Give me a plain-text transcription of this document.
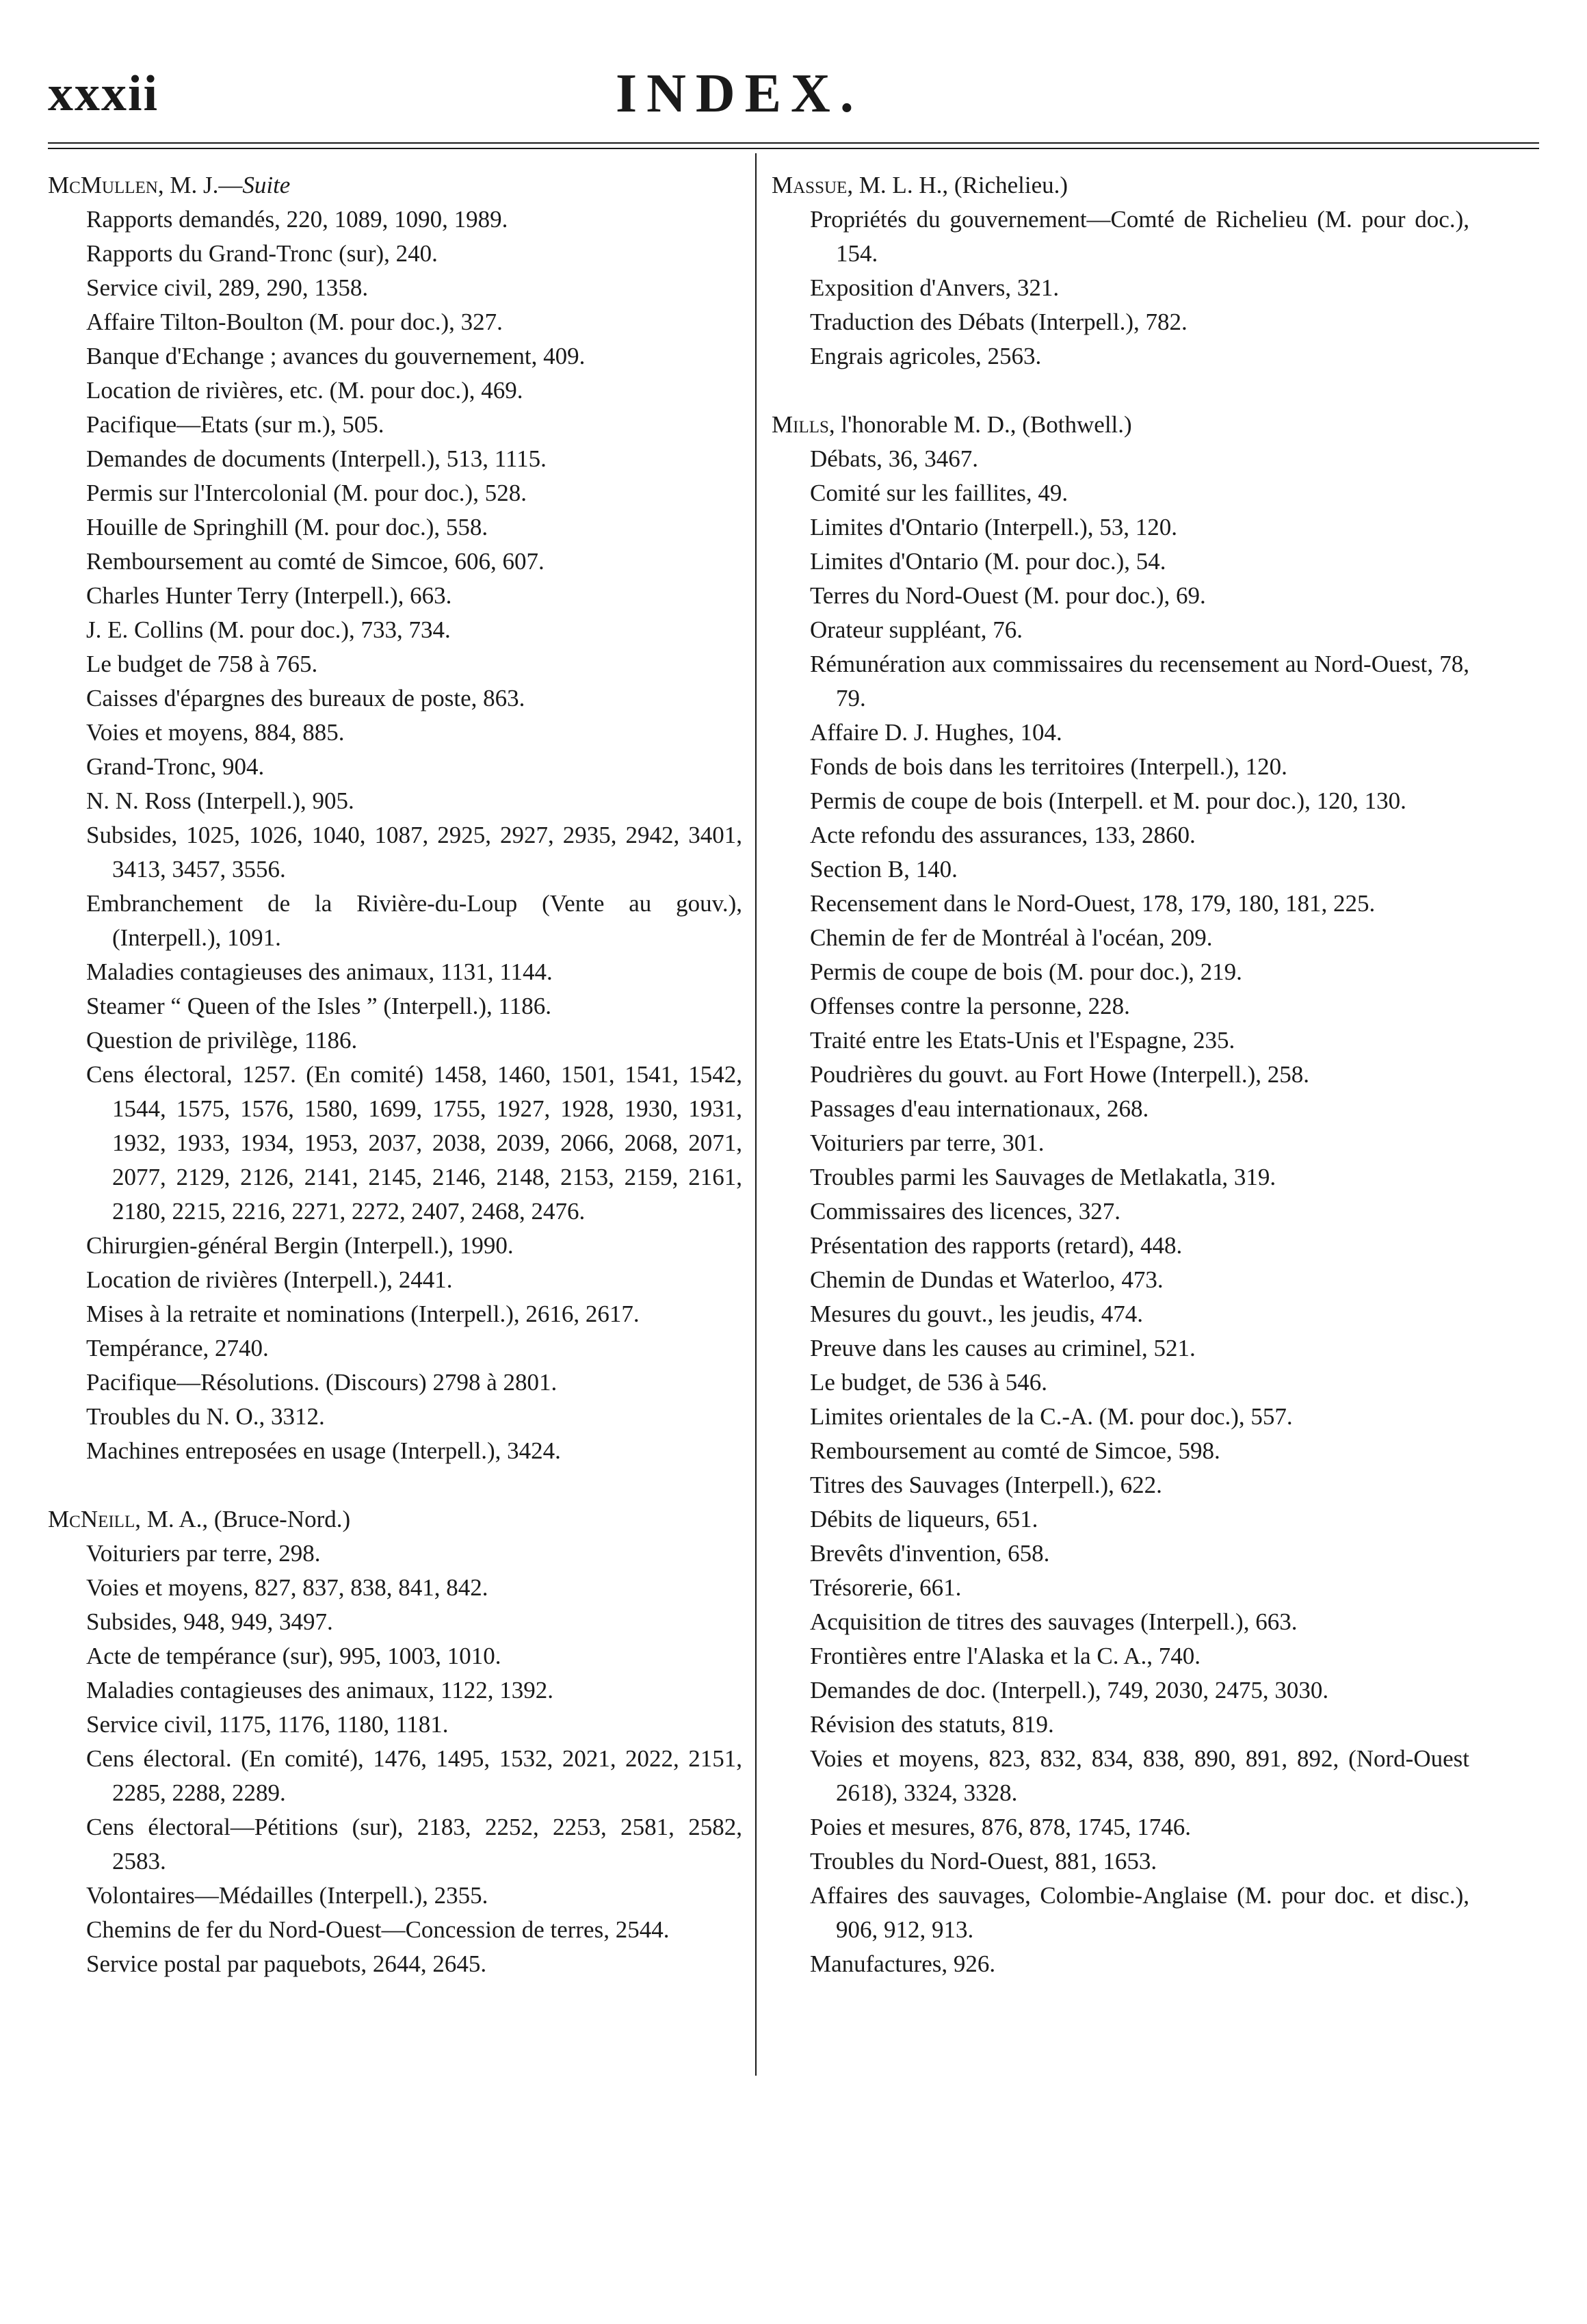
xxxii	INDEX.
McMullen, M. J.—Suite
Rapports demandés, 220, 1089, 1090, 1989.
Rapports du Grand-Tronc (sur), 240.
Service civil, 289, 290, 1358.
Affaire Tilton-Boulton (M. pour doc.), 327.
Banque d'Echange ; avances du gouvernement, 409.
Location de rivières, etc. (M. pour doc.), 469.
Pacifique—Etats (sur m.), 505.
Demandes de documents (Interpell.), 513, 1115.
Permis sur l'Intercolonial (M. pour doc.), 528.
Houille de Springhill (M. pour doc.), 558.
Remboursement au comté de Simcoe, 606, 607.
Charles Hunter Terry (Interpell.), 663.
J. E. Collins (M. pour doc.), 733, 734.
Le budget de 758 à 765.
Caisses d'épargnes des bureaux de poste, 863.
Voies et moyens, 884, 885.
Grand-Tronc, 904.
N. N. Ross (Interpell.), 905.
Subsides, 1025, 1026, 1040, 1087, 2925, 2927, 2935, 2942, 3401, 3413, 3457, 3556.
Embranchement de la Rivière-du-Loup (Vente au gouv.), (Interpell.), 1091.
Maladies contagieuses des animaux, 1131, 1144.
Steamer “ Queen of the Isles ” (Interpell.), 1186.
Question de privilège, 1186.
Cens électoral, 1257. (En comité) 1458, 1460, 1501, 1541, 1542, 1544, 1575, 1576, 1580, 1699, 1755, 1927, 1928, 1930, 1931, 1932, 1933, 1934, 1953, 2037, 2038, 2039, 2066, 2068, 2071, 2077, 2129, 2126, 2141, 2145, 2146, 2148, 2153, 2159, 2161, 2180, 2215, 2216, 2271, 2272, 2407, 2468, 2476.
Chirurgien-général Bergin (Interpell.), 1990.
Location de rivières (Interpell.), 2441.
Mises à la retraite et nominations (Interpell.), 2616, 2617.
Tempérance, 2740.
Pacifique—Résolutions. (Discours) 2798 à 2801.
Troubles du N. O., 3312.
Machines entreposées en usage (Interpell.), 3424.
McNeill, M. A., (Bruce-Nord.)
Voituriers par terre, 298.
Voies et moyens, 827, 837, 838, 841, 842.
Subsides, 948, 949, 3497.
Acte de tempérance (sur), 995, 1003, 1010.
Maladies contagieuses des animaux, 1122, 1392.
Service civil, 1175, 1176, 1180, 1181.
Cens électoral. (En comité), 1476, 1495, 1532, 2021, 2022, 2151, 2285, 2288, 2289.
Cens électoral—Pétitions (sur), 2183, 2252, 2253, 2581, 2582, 2583.
Volontaires—Médailles (Interpell.), 2355.
Chemins de fer du Nord-Ouest—Concession de terres, 2544.
Service postal par paquebots, 2644, 2645.
Massue, M. L. H., (Richelieu.)
Propriétés du gouvernement—Comté de Richelieu (M. pour doc.), 154.
Exposition d'Anvers, 321.
Traduction des Débats (Interpell.), 782.
Engrais agricoles, 2563.
Mills, l'honorable M. D., (Bothwell.)
Débats, 36, 3467.
Comité sur les faillites, 49.
Limites d'Ontario (Interpell.), 53, 120.
Limites d'Ontario (M. pour doc.), 54.
Terres du Nord-Ouest (M. pour doc.), 69.
Orateur suppléant, 76.
Rémunération aux commissaires du recensement au Nord-Ouest, 78, 79.
Affaire D. J. Hughes, 104.
Fonds de bois dans les territoires (Interpell.), 120.
Permis de coupe de bois (Interpell. et M. pour doc.), 120, 130.
Acte refondu des assurances, 133, 2860.
Section B, 140.
Recensement dans le Nord-Ouest, 178, 179, 180, 181, 225.
Chemin de fer de Montréal à l'océan, 209.
Permis de coupe de bois (M. pour doc.), 219.
Offenses contre la personne, 228.
Traité entre les Etats-Unis et l'Espagne, 235.
Poudrières du gouvt. au Fort Howe (Interpell.), 258.
Passages d'eau internationaux, 268.
Voituriers par terre, 301.
Troubles parmi les Sauvages de Metlakatla, 319.
Commissaires des licences, 327.
Présentation des rapports (retard), 448.
Chemin de Dundas et Waterloo, 473.
Mesures du gouvt., les jeudis, 474.
Preuve dans les causes au criminel, 521.
Le budget, de 536 à 546.
Limites orientales de la C.-A. (M. pour doc.), 557.
Remboursement au comté de Simcoe, 598.
Titres des Sauvages (Interpell.), 622.
Débits de liqueurs, 651.
Brevêts d'invention, 658.
Trésorerie, 661.
Acquisition de titres des sauvages (Interpell.), 663.
Frontières entre l'Alaska et la C. A., 740.
Demandes de doc. (Interpell.), 749, 2030, 2475, 3030.
Révision des statuts, 819.
Voies et moyens, 823, 832, 834, 838, 890, 891, 892, (Nord-Ouest 2618), 3324, 3328.
Poies et mesures, 876, 878, 1745, 1746.
Troubles du Nord-Ouest, 881, 1653.
Affaires des sauvages, Colombie-Anglaise (M. pour doc. et disc.), 906, 912, 913.
Manufactures, 926.
